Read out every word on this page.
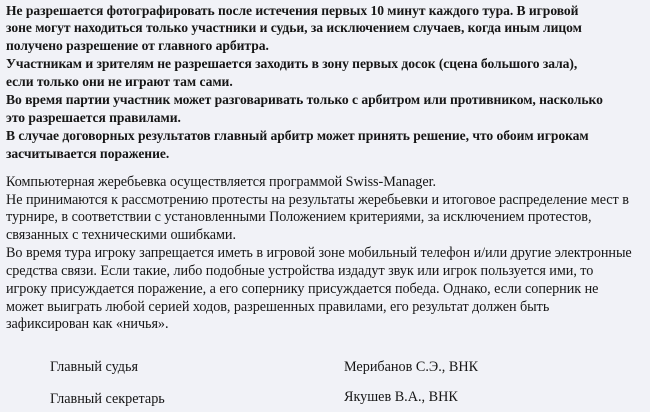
Не разрешается фотографировать после истечения первых 10 минут каждого тура. В игровой
зоне могут находиться только участники и судьи, за исключением случаев, когда иным лицом
получено разрешение от главного арбитра.
Участникам и зрителям не разрешается заходить в зону первых досок (сцена большого зала),
если только они не играют там сами.
Во время партии участник может разговаривать только с арбитром или противником, насколько
это разрешается правилами.
В случае договорных результатов главный арбитр может принять решение, что обоим игрокам
засчитывается поражение.
Компьютерная жеребьевка осуществляется программой Swiss-Manager.
Не принимаются к рассмотрению протесты на результаты жеребьевки и итоговое распределение мест в
турнире, в соответствии с установленными Положением критериями, за исключением протестов,
связанных с техническими ошибками.
Во время тура игроку запрещается иметь в игровой зоне мобильный телефон и/или другие электронные
средства связи. Если такие, либо подобные устройства издадут звук или игрок пользуется ими, то
игроку присуждается поражение, а его сопернику присуждается победа. Однако, если соперник не
может выиграть любой серией ходов, разрешенных правилами, его результат должен быть
зафиксирован как «ничья».
Главный судья	Мерибанов С.Э., ВНК
Главный секретарь	Якушев В.А., ВНК
